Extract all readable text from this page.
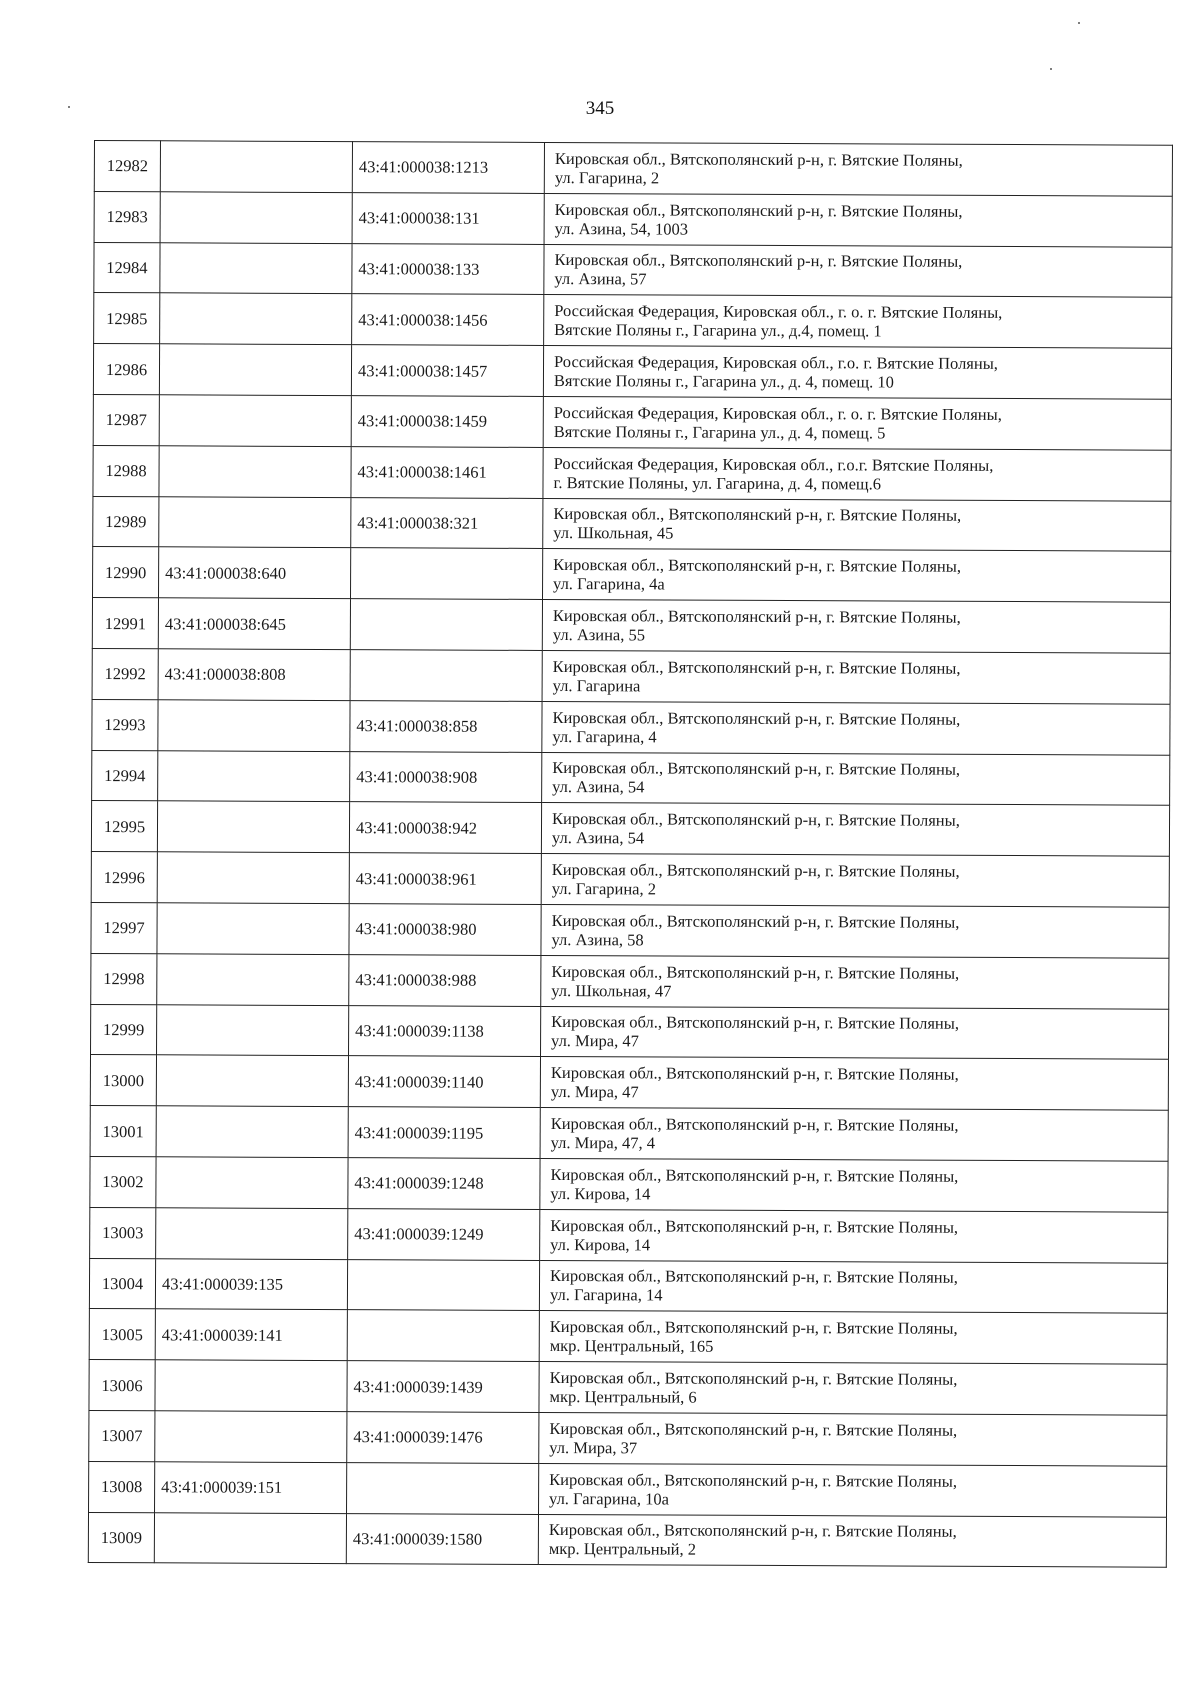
345
12982		43:41:000038:1213	Кировская обл., Вятскополянский р-н, г. Вятские Поляны,
ул. Гагарина, 2

12983		43:41:000038:131	Кировская обл., Вятскополянский р-н, г. Вятские Поляны,
ул. Азина, 54, 1003

12984		43:41:000038:133	Кировская обл., Вятскополянский р-н, г. Вятские Поляны,
ул. Азина, 57

12985		43:41:000038:1456	Российская Федерация, Кировская обл., г. о. г. Вятские Поляны,
Вятские Поляны г., Гагарина ул., д.4, помещ. 1

12986		43:41:000038:1457	Российская Федерация, Кировская обл., г.о. г. Вятские Поляны,
Вятские Поляны г., Гагарина ул., д. 4, помещ. 10

12987		43:41:000038:1459	Российская Федерация, Кировская обл., г. о. г. Вятские Поляны,
Вятские Поляны г., Гагарина ул., д. 4, помещ. 5

12988		43:41:000038:1461	Российская Федерация, Кировская обл., г.о.г. Вятские Поляны,
г. Вятские Поляны, ул. Гагарина, д. 4, помещ.6

12989		43:41:000038:321	Кировская обл., Вятскополянский р-н, г. Вятские Поляны,
ул. Школьная, 45

12990	43:41:000038:640		Кировская обл., Вятскополянский р-н, г. Вятские Поляны,
ул. Гагарина, 4а

12991	43:41:000038:645		Кировская обл., Вятскополянский р-н, г. Вятские Поляны,
ул. Азина, 55

12992	43:41:000038:808		Кировская обл., Вятскополянский р-н, г. Вятские Поляны,
ул. Гагарина

12993		43:41:000038:858	Кировская обл., Вятскополянский р-н, г. Вятские Поляны,
ул. Гагарина, 4

12994		43:41:000038:908	Кировская обл., Вятскополянский р-н, г. Вятские Поляны,
ул. Азина, 54

12995		43:41:000038:942	Кировская обл., Вятскополянский р-н, г. Вятские Поляны,
ул. Азина, 54

12996		43:41:000038:961	Кировская обл., Вятскополянский р-н, г. Вятские Поляны,
ул. Гагарина, 2

12997		43:41:000038:980	Кировская обл., Вятскополянский р-н, г. Вятские Поляны,
ул. Азина, 58

12998		43:41:000038:988	Кировская обл., Вятскополянский р-н, г. Вятские Поляны,
ул. Школьная, 47

12999		43:41:000039:1138	Кировская обл., Вятскополянский р-н, г. Вятские Поляны,
ул. Мира, 47

13000		43:41:000039:1140	Кировская обл., Вятскополянский р-н, г. Вятские Поляны,
ул. Мира, 47

13001		43:41:000039:1195	Кировская обл., Вятскополянский р-н, г. Вятские Поляны,
ул. Мира, 47, 4

13002		43:41:000039:1248	Кировская обл., Вятскополянский р-н, г. Вятские Поляны,
ул. Кирова, 14

13003		43:41:000039:1249	Кировская обл., Вятскополянский р-н, г. Вятские Поляны,
ул. Кирова, 14

13004	43:41:000039:135		Кировская обл., Вятскополянский р-н, г. Вятские Поляны,
ул. Гагарина, 14

13005	43:41:000039:141		Кировская обл., Вятскополянский р-н, г. Вятские Поляны,
мкр. Центральный, 165

13006		43:41:000039:1439	Кировская обл., Вятскополянский р-н, г. Вятские Поляны,
мкр. Центральный, 6

13007		43:41:000039:1476	Кировская обл., Вятскополянский р-н, г. Вятские Поляны,
ул. Мира, 37

13008	43:41:000039:151		Кировская обл., Вятскополянский р-н, г. Вятские Поляны,
ул. Гагарина, 10а

13009		43:41:000039:1580	Кировская обл., Вятскополянский р-н, г. Вятские Поляны,
мкр. Центральный, 2
